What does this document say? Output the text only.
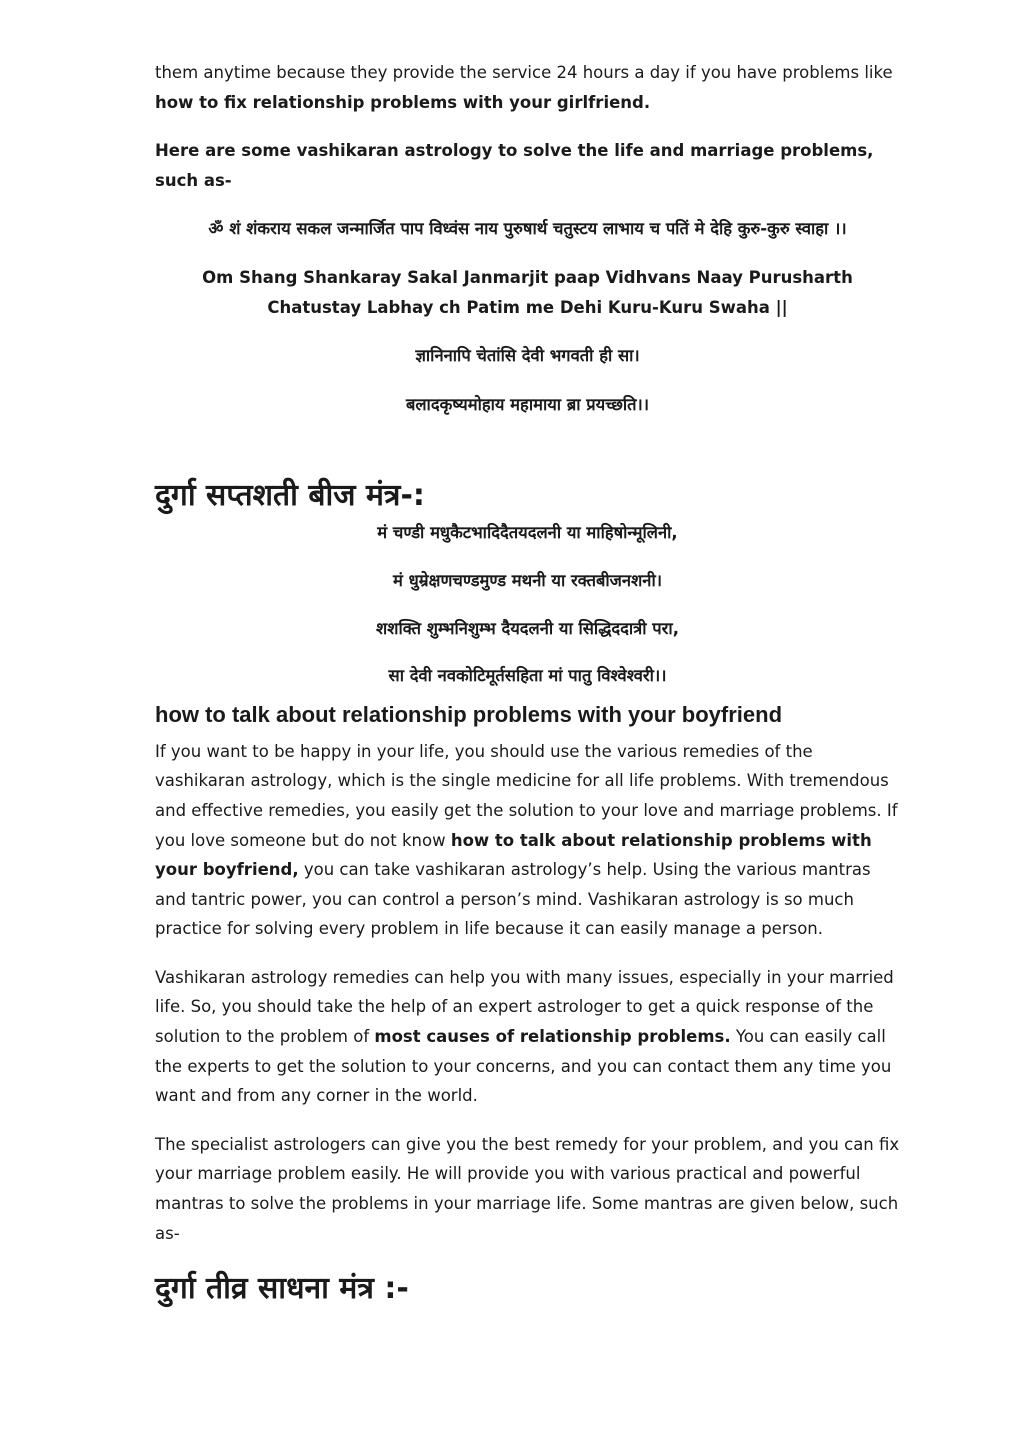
them anytime because they provide the service 24 hours a day if you have problems like how to fix relationship problems with your girlfriend.

Here are some vashikaran astrology to solve the life and marriage problems, such as-

ॐ शं शंकराय सकल जन्मार्जित पाप विध्वंस नाय पुरुषार्थ चतुस्टय लाभाय च पतिं मे देहि कुरु-कुरु स्वाहा ।।

Om Shang Shankaray Sakal Janmarjit paap Vidhvans Naay Purusharth Chatustay Labhay ch Patim me Dehi Kuru-Kuru Swaha ||

ज्ञानिनापि चेतांसि देवी भगवती ही सा।

बलादकृष्यमोहाय महामाया ब्रा प्रयच्छति।।

दुर्गा सप्तशती बीज मंत्र-:

मं चण्डी मधुकैटभादिदैतयदलनी या माहिषोन्मूलिनी,

मं धुम्रेक्षणचण्डमुण्ड मथनी या रक्तबीजनशनी।

शशक्ति शुम्भनिशुम्भ दैयदलनी या सिद्धिददात्री परा,

सा देवी नवकोटिमूर्तसहिता मां पातु विश्वेश्वरी।।

how to talk about relationship problems with your boyfriend

If you want to be happy in your life, you should use the various remedies of the vashikaran astrology, which is the single medicine for all life problems. With tremendous and effective remedies, you easily get the solution to your love and marriage problems. If you love someone but do not know how to talk about relationship problems with your boyfriend, you can take vashikaran astrology’s help. Using the various mantras and tantric power, you can control a person’s mind. Vashikaran astrology is so much practice for solving every problem in life because it can easily manage a person.

Vashikaran astrology remedies can help you with many issues, especially in your married life. So, you should take the help of an expert astrologer to get a quick response of the solution to the problem of most causes of relationship problems. You can easily call the experts to get the solution to your concerns, and you can contact them any time you want and from any corner in the world.

The specialist astrologers can give you the best remedy for your problem, and you can fix your marriage problem easily. He will provide you with various practical and powerful mantras to solve the problems in your marriage life. Some mantras are given below, such as-

दुर्गा तीव्र साधना मंत्र :-
